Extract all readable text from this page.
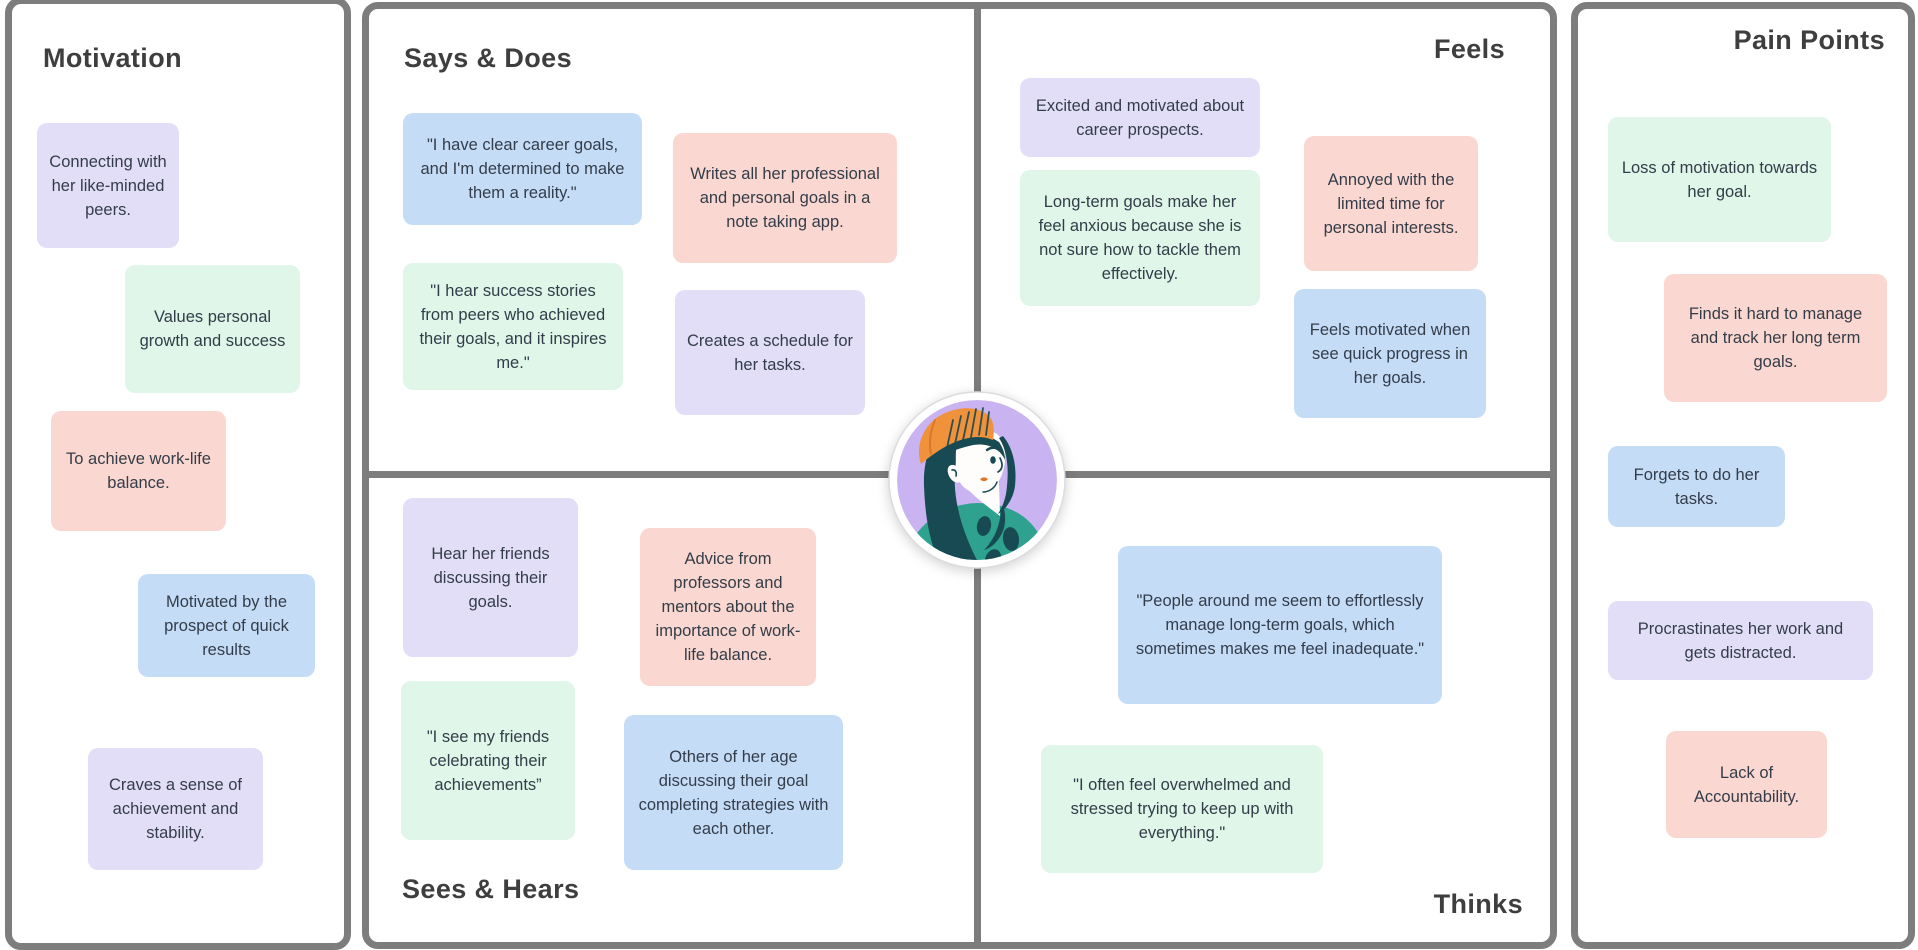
Motivation	Says & Does	Feels	Pain Points
Sees & Hears	Thinks
Connecting with her like-minded peers.
Values personal growth and success
To achieve work-life balance.
Motivated by the prospect of quick results
Craves a sense of achievement and stability.
"I have clear career goals, and I'm determined to make them a reality."
Writes all her professional and personal goals in a note taking app.
"I hear success stories from peers who achieved their goals, and it inspires me."
Creates a schedule for her tasks.
Excited and motivated about career prospects.
Annoyed with the limited time for personal interests.
Long-term goals make her feel anxious because she is not sure how to tackle them effectively.
Feels motivated when see quick progress in her goals.
Loss of motivation towards her goal.
Finds it hard to manage and track her long term goals.
Forgets to do her tasks.
Procrastinates her work and gets distracted.
Lack of Accountability.
Hear her friends discussing their goals.
Advice from professors and mentors about the importance of work-life balance.
"I see my friends celebrating their achievements”
Others of her age discussing their goal completing strategies with each other.
"People around me seem to effortlessly manage long-term goals, which sometimes makes me feel inadequate."
"I often feel overwhelmed and stressed trying to keep up with everything."
